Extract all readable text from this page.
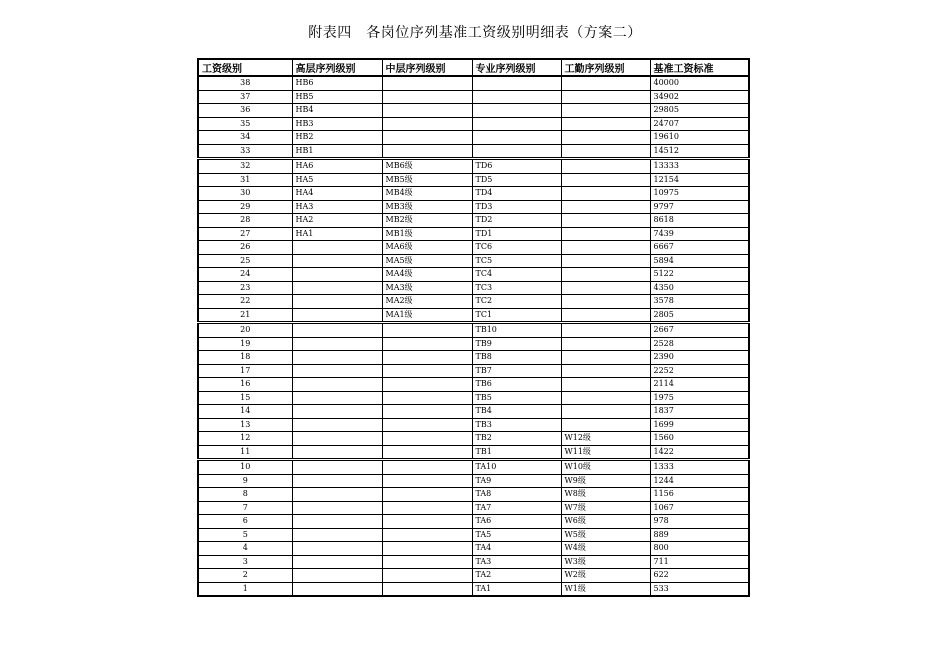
附表四　各岗位序列基准工资级别明细表（方案二）
工资级别	高层序列级别	中层序列级别	专业序列级别	工勤序列级别	基准工资标准
38	HB6				40000
37	HB5				34902
36	HB4				29805
35	HB3				24707
34	HB2				19610
33	HB1				14512
32	HA6	MB6级	TD6		13333
31	HA5	MB5级	TD5		12154
30	HA4	MB4级	TD4		10975
29	HA3	MB3级	TD3		9797
28	HA2	MB2级	TD2		8618
27	HA1	MB1级	TD1		7439
26		MA6级	TC6		6667
25		MA5级	TC5		5894
24		MA4级	TC4		5122
23		MA3级	TC3		4350
22		MA2级	TC2		3578
21		MA1级	TC1		2805
20			TB10		2667
19			TB9		2528
18			TB8		2390
17			TB7		2252
16			TB6		2114
15			TB5		1975
14			TB4		1837
13			TB3		1699
12			TB2	W12级	1560
11			TB1	W11级	1422
10			TA10	W10级	1333
9			TA9	W9级	1244
8			TA8	W8级	1156
7			TA7	W7级	1067
6			TA6	W6级	978
5			TA5	W5级	889
4			TA4	W4级	800
3			TA3	W3级	711
2			TA2	W2级	622
1			TA1	W1级	533
